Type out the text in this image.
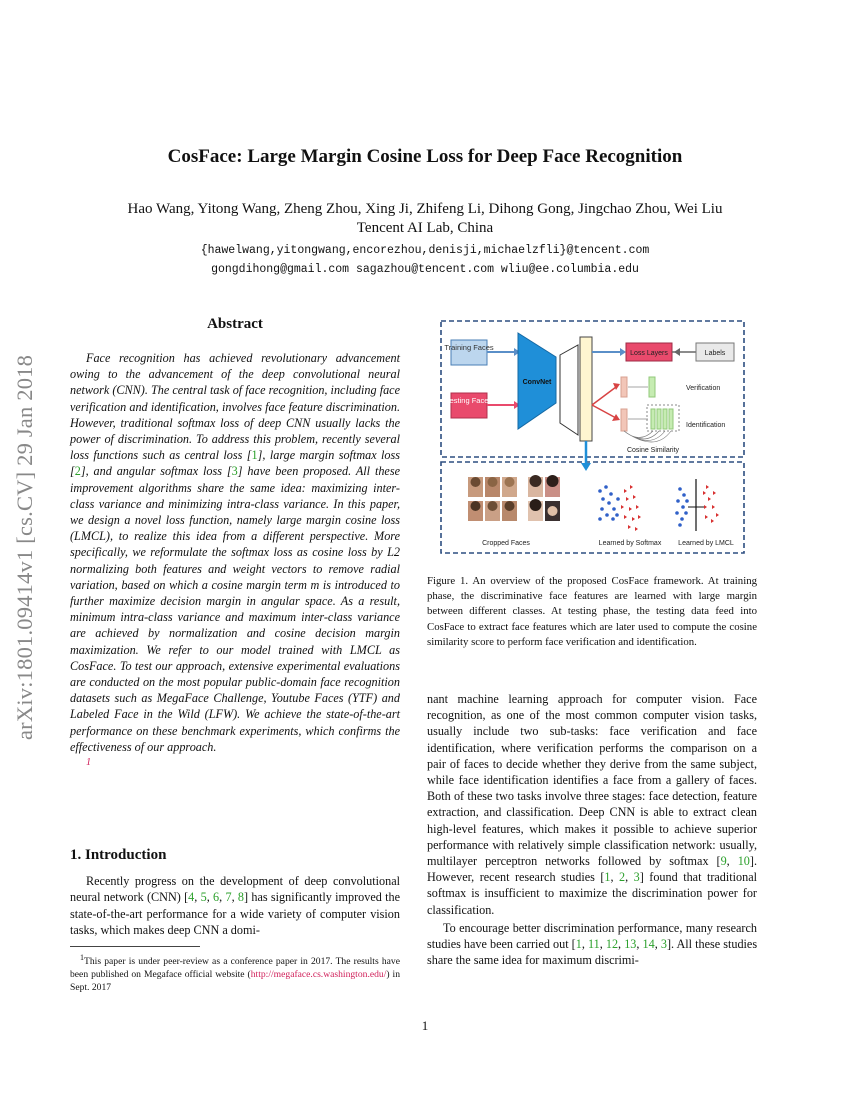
CosFace: Large Margin Cosine Loss for Deep Face Recognition
Hao Wang, Yitong Wang, Zheng Zhou, Xing Ji, Zhifeng Li, Dihong Gong, Jingchao Zhou, Wei Liu
Tencent AI Lab, China
{hawelwang,yitongwang,encorezhou,denisji,michaelzfli}@tencent.com
gongdihong@gmail.com sagazhou@tencent.com wliu@ee.columbia.edu
arXiv:1801.09414v1 [cs.CV] 29 Jan 2018
Abstract
Face recognition has achieved revolutionary advancement owing to the advancement of the deep convolutional neural network (CNN). The central task of face recognition, including face verification and identification, involves face feature discrimination. However, traditional softmax loss of deep CNN usually lacks the power of discrimination. To address this problem, recently several loss functions such as central loss [1], large margin softmax loss [2], and angular softmax loss [3] have been proposed. All these improvement algorithms share the same idea: maximizing inter-class variance and minimizing intra-class variance. In this paper, we design a novel loss function, namely large margin cosine loss (LMCL), to realize this idea from a different perspective. More specifically, we reformulate the softmax loss as cosine loss by L2 normalizing both features and weight vectors to remove radial variation, based on which a cosine margin term m is introduced to further maximize decision margin in angular space. As a result, minimum intra-class variance and maximum inter-class variance are achieved by normalization and cosine decision margin maximization. We refer to our model trained with LMCL as CosFace. To test our approach, extensive experimental evaluations are conducted on the most popular public-domain face recognition datasets such as MegaFace Challenge, Youtube Faces (YTF) and Labeled Face in the Wild (LFW). We achieve the state-of-the-art performance on these benchmark experiments, which confirms the effectiveness of our approach.
$^1$
1. Introduction
Recently progress on the development of deep convolutional neural network (CNN) [4, 5, 6, 7, 8] has significantly improved the state-of-the-art performance for a wide variety of computer vision tasks, which makes deep CNN a domi-
$^1$This paper is under peer-review as a conference paper in 2017. The results have been published on Megaface official website (http://megaface.cs.washington.edu/) in Sept. 2017
Training Faces
Testing Faces
ConvNet
Loss Layers	Labels
Verification
Identification
Cosine Similarity
Cropped Faces	Learned by Softmax Learned by LMCL
Figure 1. An overview of the proposed CosFace framework. At training phase, the discriminative face features are learned with large margin between different classes. At testing phase, the testing data feed into CosFace to extract face features which are later used to compute the cosine similarity score to perform face verification and identification.

nant machine learning approach for computer vision. Face recognition, as one of the most common computer vision tasks, usually include two sub-tasks: face verification and face identification, where verification performs the comparison on a pair of faces to decide whether they derive from the same subject, while face identification identifies a face from a gallery of faces. Both of these two tasks involve three stages: face detection, feature extraction, and classification. Deep CNN is able to extract clean high-level features, which makes it possible to achieve superior performance with relatively simple classification network: usually, multilayer perceptron networks followed by softmax [9, 10]. However, recent research studies [1, 2, 3] found that traditional softmax is insufficient to maximize the discrimination power for classification.

To encourage better discrimination performance, many research studies have been carried out [1, 11, 12, 13, 14, 3]. All these studies share the same idea for maximum discrimi-

1
